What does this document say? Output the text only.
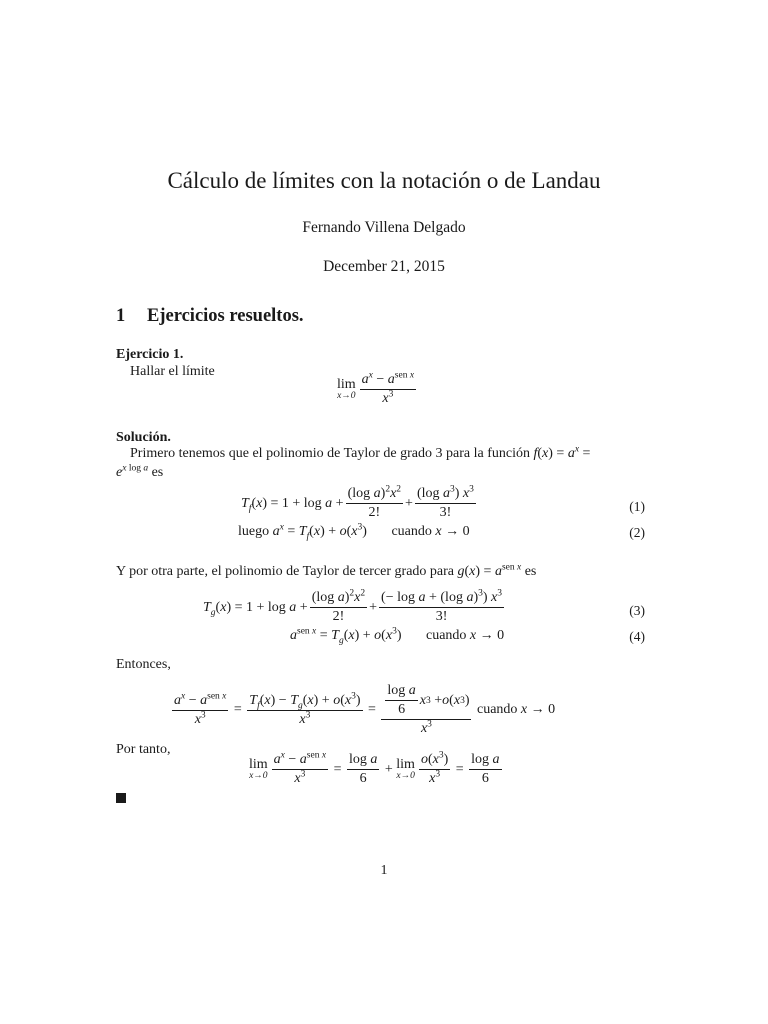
Cálculo de límites con la notación o de Landau
Fernando Villena Delgado
December 21, 2015
1 Ejercicios resueltos.
Ejercicio 1.
Hallar el límite
lim
$x\to 0 \frac{a^x - a^{sen x}}{x^3}$
Solución.
Primero tenemos que el polinomio de Taylor de grado 3 para la función $f(x) = a^x$ =
$e^{x log a}$ es
$T_f(x) = 1 + \log a + \frac{(\log a)^2x^2}{2!} + \frac{(\log a^3) x^3}{3!}$	(1)
luego $a^x = T_f(x) + o(x^3)$       cuando x → 0	(2)
Y por otra parte, el polinomio de Taylor de tercer grado para $g(x) = a^{sen x}$ es
$T_g(x) = 1 + \log a + \frac{(\log a)^2x^2}{2!} + \frac{(- \log a + (\log a)^3) x^3}{3!}$	(3)
$a^{sen x} = T_g(x) + o(x^3)$       cuando x → 0	(4)
Entonces,
$\frac{a^x - a^{sen x}}{x^3} = \frac{T_f(x) - T_g(x) + o(x^3)}{x^3} = \frac{\frac{\text{log a}}{6} x 3 + o ( x 3 )}{x^3}$ cuando x → 0
Por tanto,
lim
$x\to 0 \frac{a^x - a^{sen x}}{x^3} = \frac{\text{log a}}{6} + \lim$
$x\to 0 \frac{o(x^3)}{x^3} = \frac{\text{log a}}{6}$
1
